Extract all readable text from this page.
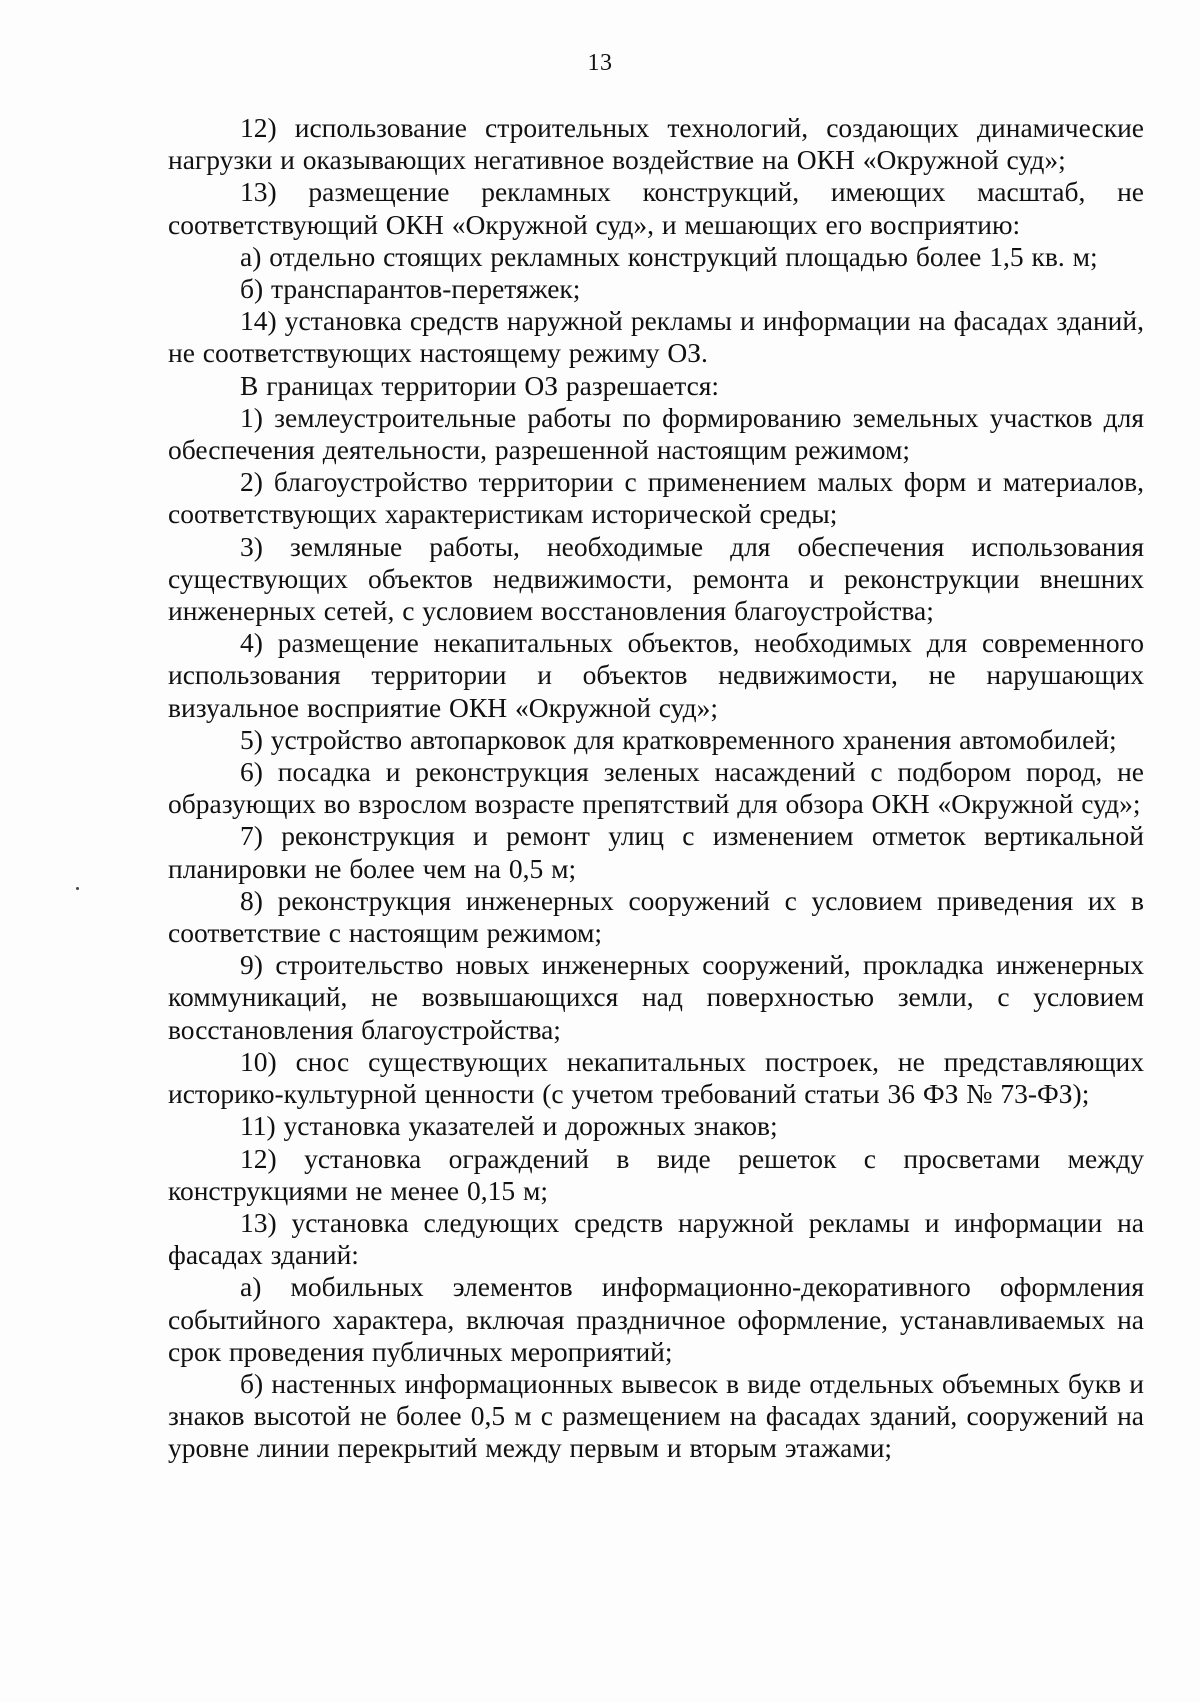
13

12) использование строительных технологий, создающих динамические нагрузки и оказывающих негативное воздействие на ОКН «Окружной суд»;

13) размещение рекламных конструкций, имеющих масштаб, не соответствующий ОКН «Окружной суд», и мешающих его восприятию:

а) отдельно стоящих рекламных конструкций площадью более 1,5 кв. м;

б) транспарантов-перетяжек;

14) установка средств наружной рекламы и информации на фасадах зданий, не соответствующих настоящему режиму ОЗ.

В границах территории ОЗ разрешается:

1) землеустроительные работы по формированию земельных участков для обеспечения деятельности, разрешенной настоящим режимом;

2) благоустройство территории с применением малых форм и материалов, соответствующих характеристикам исторической среды;

3) земляные работы, необходимые для обеспечения использования существующих объектов недвижимости, ремонта и реконструкции внешних инженерных сетей, с условием восстановления благоустройства;

4) размещение некапитальных объектов, необходимых для современного использования территории и объектов недвижимости, не нарушающих визуальное восприятие ОКН «Окружной суд»;

5) устройство автопарковок для кратковременного хранения автомобилей;

6) посадка и реконструкция зеленых насаждений с подбором пород, не образующих во взрослом возрасте препятствий для обзора ОКН «Окружной суд»;

7) реконструкция и ремонт улиц с изменением отметок вертикальной планировки не более чем на 0,5 м;

8) реконструкция инженерных сооружений с условием приведения их в соответствие с настоящим режимом;

9) строительство новых инженерных сооружений, прокладка инженерных коммуникаций, не возвышающихся над поверхностью земли, с условием восстановления благоустройства;

10) снос существующих некапитальных построек, не представляющих историко-культурной ценности (с учетом требований статьи 36 ФЗ № 73-ФЗ);

11) установка указателей и дорожных знаков;

12) установка ограждений в виде решеток с просветами между конструкциями не менее 0,15 м;

13) установка следующих средств наружной рекламы и информации на фасадах зданий:

а) мобильных элементов информационно-декоративного оформления событийного характера, включая праздничное оформление, устанавливаемых на срок проведения публичных мероприятий;

б) настенных информационных вывесок в виде отдельных объемных букв и знаков высотой не более 0,5 м с размещением на фасадах зданий, сооружений на уровне линии перекрытий между первым и вторым этажами;
